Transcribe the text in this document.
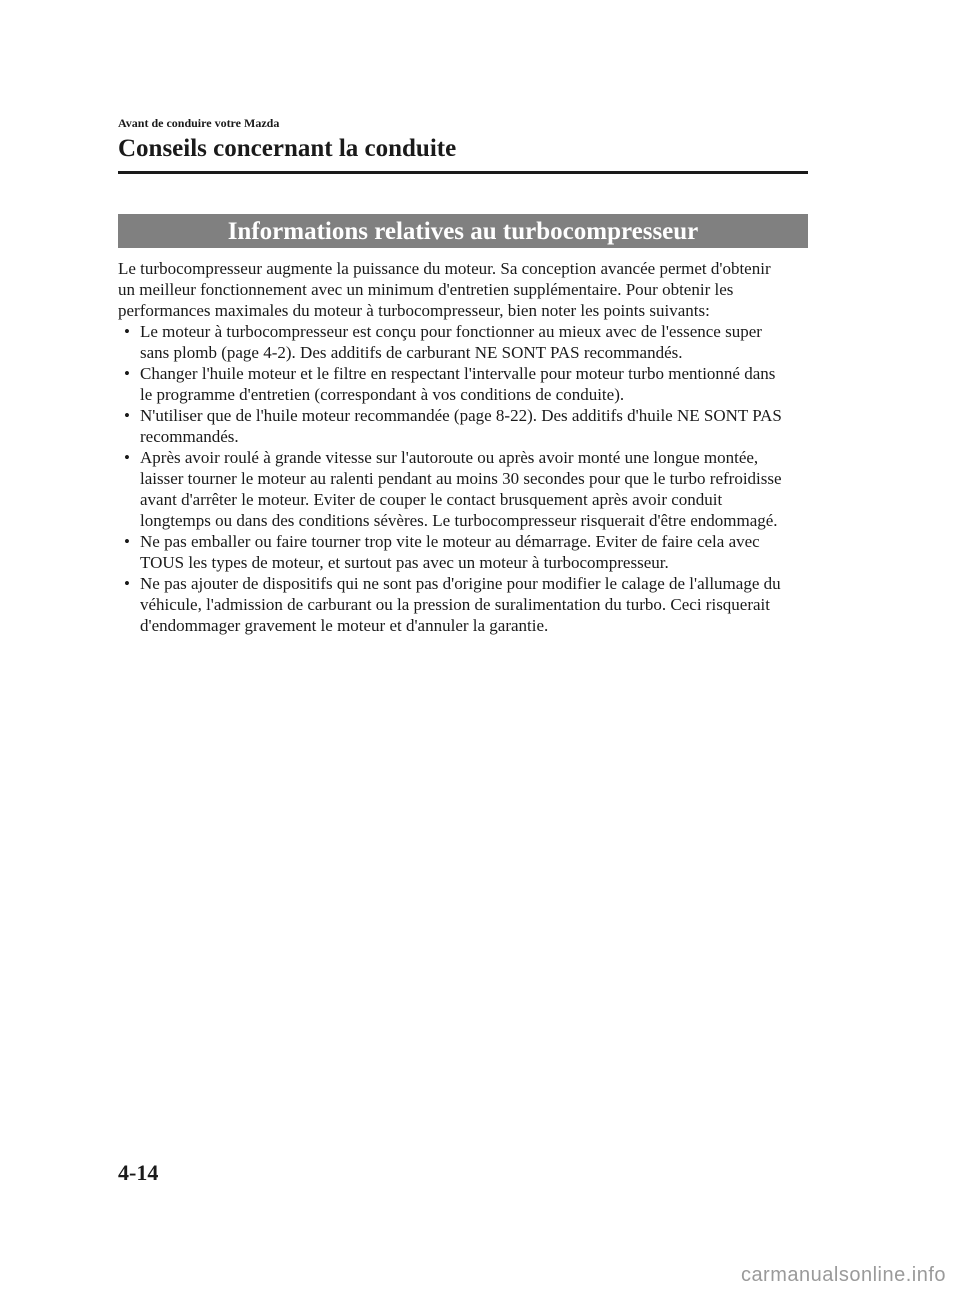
Avant de conduire votre Mazda

Conseils concernant la conduite
Informations relatives au turbocompresseur

Le turbocompresseur augmente la puissance du moteur. Sa conception avancée permet d'obtenir un meilleur fonctionnement avec un minimum d'entretien supplémentaire. Pour obtenir les performances maximales du moteur à turbocompresseur, bien noter les points suivants:

• Le moteur à turbocompresseur est conçu pour fonctionner au mieux avec de l'essence super sans plomb (page 4-2). Des additifs de carburant NE SONT PAS recommandés.
• Changer l'huile moteur et le filtre en respectant l'intervalle pour moteur turbo mentionné dans le programme d'entretien (correspondant à vos conditions de conduite).
• N'utiliser que de l'huile moteur recommandée (page 8-22). Des additifs d'huile NE SONT PAS recommandés.
• Après avoir roulé à grande vitesse sur l'autoroute ou après avoir monté une longue montée, laisser tourner le moteur au ralenti pendant au moins 30 secondes pour que le turbo refroidisse avant d'arrêter le moteur. Eviter de couper le contact brusquement après avoir conduit longtemps ou dans des conditions sévères. Le turbocompresseur risquerait d'être endommagé.
• Ne pas emballer ou faire tourner trop vite le moteur au démarrage. Eviter de faire cela avec TOUS les types de moteur, et surtout pas avec un moteur à turbocompresseur.
• Ne pas ajouter de dispositifs qui ne sont pas d'origine pour modifier le calage de l'allumage du véhicule, l'admission de carburant ou la pression de suralimentation du turbo. Ceci risquerait d'endommager gravement le moteur et d'annuler la garantie.

4-14

carmanualsonline.info
